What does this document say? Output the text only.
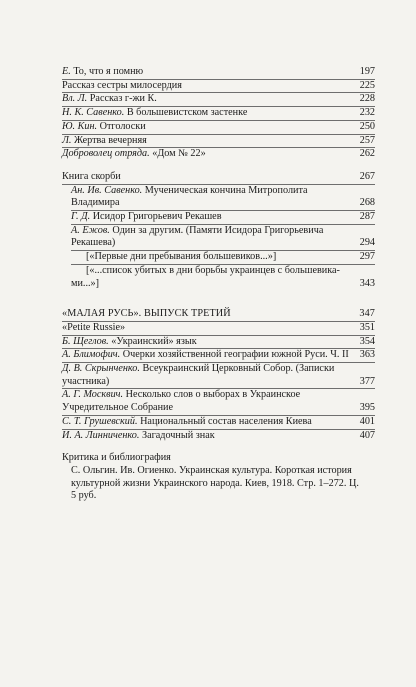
Е. То, что я помню	197
Рассказ сестры милосердия	225
Вл. Л. Рассказ г-жи К.	228
Н. К. Савенко. В большевистском застенке	232
Ю. Кин. Отголоски	250
Л. Жертва вечерняя	257
Доброволец отряда. «Дом № 22»	262
Книга скорби	267
Ан. Ив. Савенко. Мученическая кончина Митрополита Владимира	268
Г. Д. Исидор Григорьевич Рекашев	287
А. Ежов. Один за другим. (Памяти Исидора Григорьевича Рекашева)	294
[«Первые дни пребывания большевиков...»]	297
[«...список убитых в дни борьбы украинцев с большевика-ми...»]	343
«МАЛАЯ РУСЬ». ВЫПУСК ТРЕТИЙ	347
«Petite Russie»	351
Б. Щеглов. «Украинский» язык	354
А. Блимофич. Очерки хозяйственной географии южной Руси. Ч. II 363
Д. В. Скрынченко. Всеукраинский Церковный Собор. (Записки участника)	377
А. Г. Москвич. Несколько слов о выборах в Украинское Учредительное Собрание	395
С. Т. Грушевский. Национальный состав населения Киева	401
И. А. Линниченко. Загадочный знак	407
Критика и библиография
С. Ольгин. Ив. Огиенко. Украинская культура. Короткая история культурной жизни Украинского народа. Киев, 1918. Стр. 1–272. Ц. 5 руб.
